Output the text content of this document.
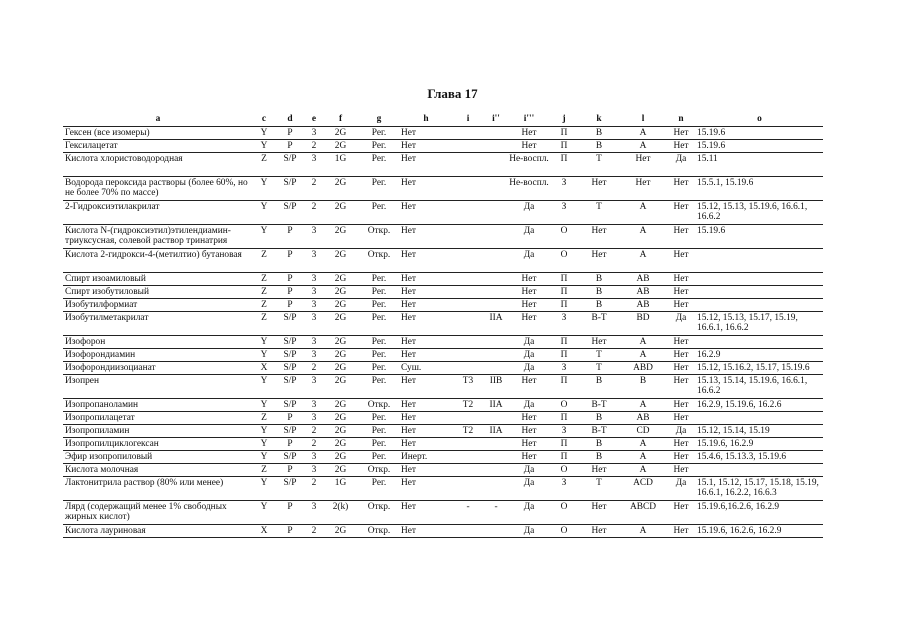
Глава 17
a	c	d	e	f	g	h	i	i''	i'''	j	k	l	n	o
Гексен (все изомеры)	Y	P	3	2G	Рег.	Нет			Нет	П	В	А	Нет	15.19.6
Гексилацетат	Y	P	2	2G	Рег.	Нет			Нет	П	В	А	Нет	15.19.6
Кислота хлористоводородная	Z	S/P	3	1G	Рег.	Нет			Не-воспл.	П	Т	Нет	Да	15.11
Водорода пероксида растворы (более 60%, но не более 70% по массе)	Y	S/P	2	2G	Рег.	Нет			Не-воспл.	З	Нет	Нет	Нет	15.5.1, 15.19.6
2-Гидроксиэтилакрилат	Y	S/P	2	2G	Рег.	Нет			Да	З	Т	А	Нет	15.12, 15.13, 15.19.6, 16.6.1, 16.6.2
Кислота N-(гидроксиэтил)этилендиамин-триуксусная, солевой раствор тринатрия	Y	P	3	2G	Откр.	Нет			Да	О	Нет	А	Нет	15.19.6
Кислота 2-гидрокси-4-(метилтио) бутановая	Z	P	3	2G	Откр.	Нет			Да	О	Нет	А	Нет	
Спирт изоамиловый	Z	P	3	2G	Рег.	Нет			Нет	П	В	АВ	Нет	
Спирт изобутиловый	Z	P	3	2G	Рег.	Нет			Нет	П	В	АВ	Нет	
Изобутилформиат	Z	P	3	2G	Рег.	Нет			Нет	П	В	АВ	Нет	
Изобутилметакрилат	Z	S/P	3	2G	Рег.	Нет		IIA	Нет	З	В-Т	BD	Да	15.12, 15.13, 15.17, 15.19, 16.6.1, 16.6.2
Изофорон	Y	S/P	3	2G	Рег.	Нет			Да	П	Нет	А	Нет	
Изофорондиамин	Y	S/P	3	2G	Рег.	Нет			Да	П	Т	А	Нет	16.2.9
Изофорондиизоцианат	X	S/P	2	2G	Рег.	Суш.			Да	З	Т	ABD	Нет	15.12, 15.16.2, 15.17, 15.19.6
Изопрен	Y	S/P	3	2G	Рег.	Нет	T3	IIB	Нет	П	В	В	Нет	15.13, 15.14, 15.19.6, 16.6.1, 16.6.2
Изопропаноламин	Y	S/P	3	2G	Откр.	Нет	T2	IIA	Да	О	В-Т	А	Нет	16.2.9, 15.19.6, 16.2.6
Изопропилацетат	Z	P	3	2G	Рег.	Нет			Нет	П	В	АВ	Нет	
Изопропиламин	Y	S/P	2	2G	Рег.	Нет	T2	IIA	Нет	З	В-Т	CD	Да	15.12, 15.14, 15.19
Изопропилциклогексан	Y	P	2	2G	Рег.	Нет			Нет	П	В	А	Нет	15.19.6, 16.2.9
Эфир изопропиловый	Y	S/P	3	2G	Рег.	Инерт.			Нет	П	В	А	Нет	15.4.6, 15.13.3, 15.19.6
Кислота молочная	Z	P	3	2G	Откр.	Нет			Да	О	Нет	А	Нет	
Лактонитрила раствор (80% или менее)	Y	S/P	2	1G	Рег.	Нет			Да	З	Т	ACD	Да	15.1, 15.12, 15.17, 15.18, 15.19, 16.6.1, 16.2.2, 16.6.3
Лярд (содержащий менее 1% свободных жирных кислот)	Y	P	3	2(k)	Откр.	Нет	-	-	Да	О	Нет	ABCD	Нет	15.19.6,16.2.6, 16.2.9
Кислота лауриновая	X	P	2	2G	Откр.	Нет			Да	О	Нет	А	Нет	15.19.6, 16.2.6, 16.2.9
